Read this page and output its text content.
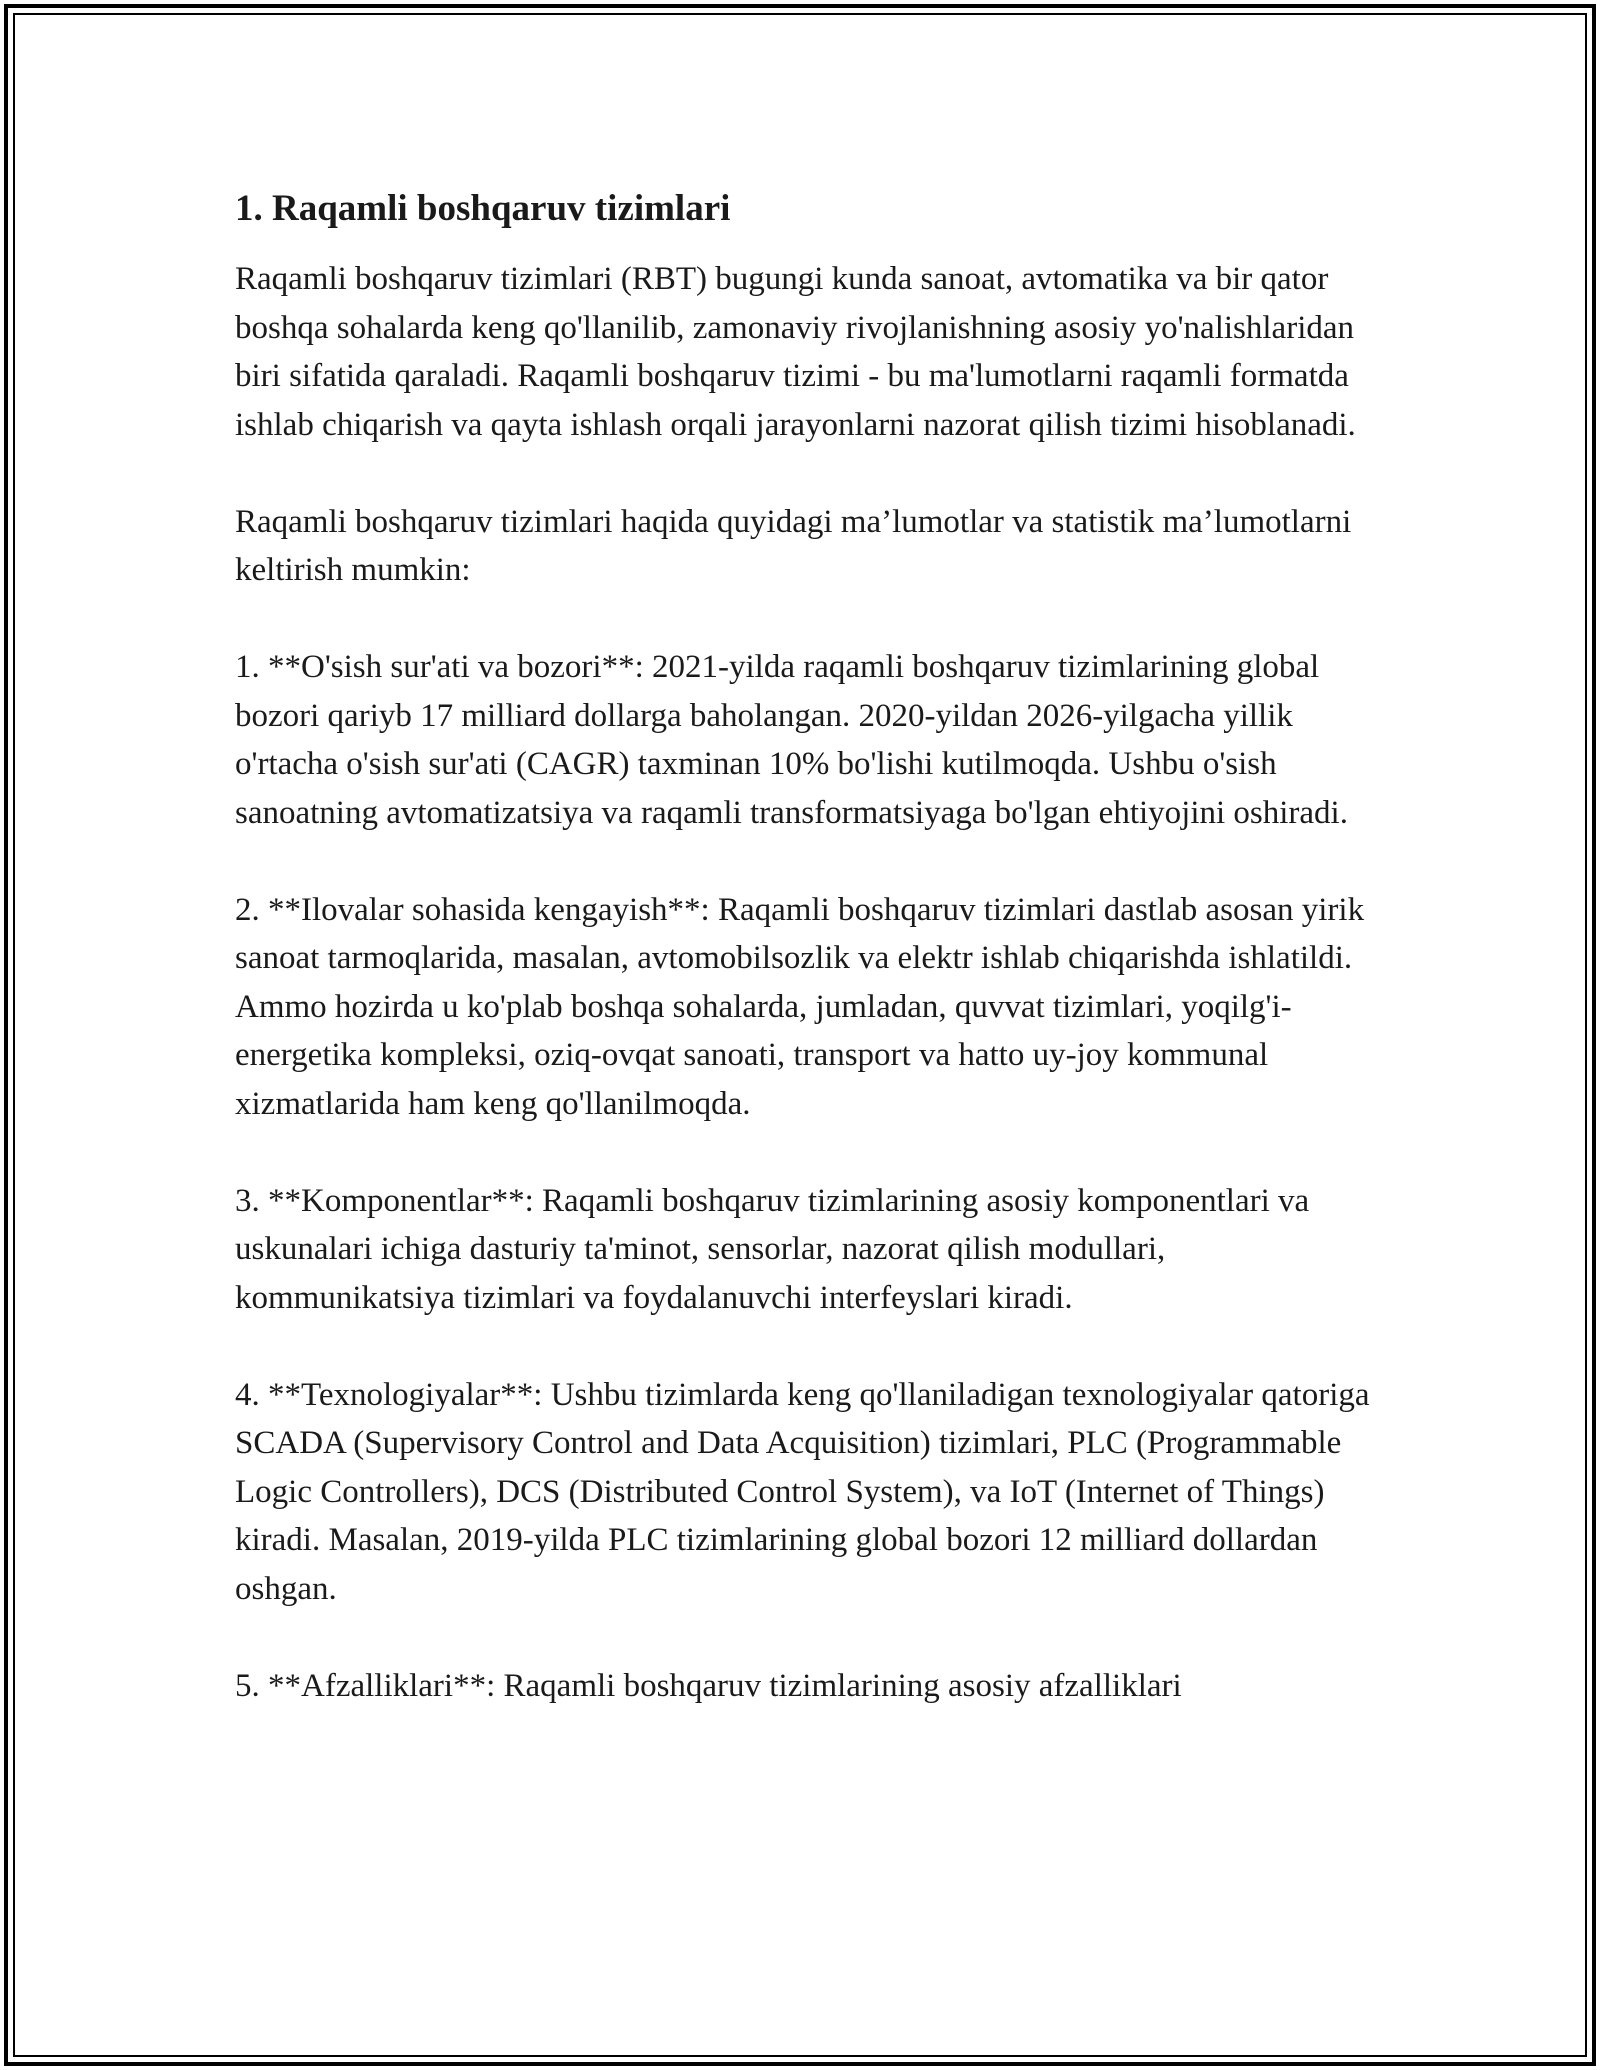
1. Raqamli boshqaruv tizimlari

Raqamli boshqaruv tizimlari (RBT) bugungi kunda sanoat, avtomatika va bir qator boshqa sohalarda keng qo'llanilib, zamonaviy rivojlanishning asosiy yo'nalishlaridan biri sifatida qaraladi. Raqamli boshqaruv tizimi - bu ma'lumotlarni raqamli formatda ishlab chiqarish va qayta ishlash orqali jarayonlarni nazorat qilish tizimi hisoblanadi.

Raqamli boshqaruv tizimlari haqida quyidagi ma’lumotlar va statistik ma’lumotlarni keltirish mumkin:

1. **O'sish sur'ati va bozori**: 2021-yilda raqamli boshqaruv tizimlarining global bozori qariyb 17 milliard dollarga baholangan. 2020-yildan 2026-yilgacha yillik o'rtacha o'sish sur'ati (CAGR) taxminan 10% bo'lishi kutilmoqda. Ushbu o'sish sanoatning avtomatizatsiya va raqamli transformatsiyaga bo'lgan ehtiyojini oshiradi.

2. **Ilovalar sohasida kengayish**: Raqamli boshqaruv tizimlari dastlab asosan yirik sanoat tarmoqlarida, masalan, avtomobilsozlik va elektr ishlab chiqarishda ishlatildi. Ammo hozirda u ko'plab boshqa sohalarda, jumladan, quvvat tizimlari, yoqilg'i-energetika kompleksi, oziq-ovqat sanoati, transport va hatto uy-joy kommunal xizmatlarida ham keng qo'llanilmoqda.

3. **Komponentlar**: Raqamli boshqaruv tizimlarining asosiy komponentlari va uskunalari ichiga dasturiy ta'minot, sensorlar, nazorat qilish modullari, kommunikatsiya tizimlari va foydalanuvchi interfeyslari kiradi.

4. **Texnologiyalar**: Ushbu tizimlarda keng qo'llaniladigan texnologiyalar qatoriga SCADA (Supervisory Control and Data Acquisition) tizimlari, PLC (Programmable Logic Controllers), DCS (Distributed Control System), va IoT (Internet of Things) kiradi. Masalan, 2019-yilda PLC tizimlarining global bozori 12 milliard dollardan oshgan.

5. **Afzalliklari**: Raqamli boshqaruv tizimlarining asosiy afzalliklari
